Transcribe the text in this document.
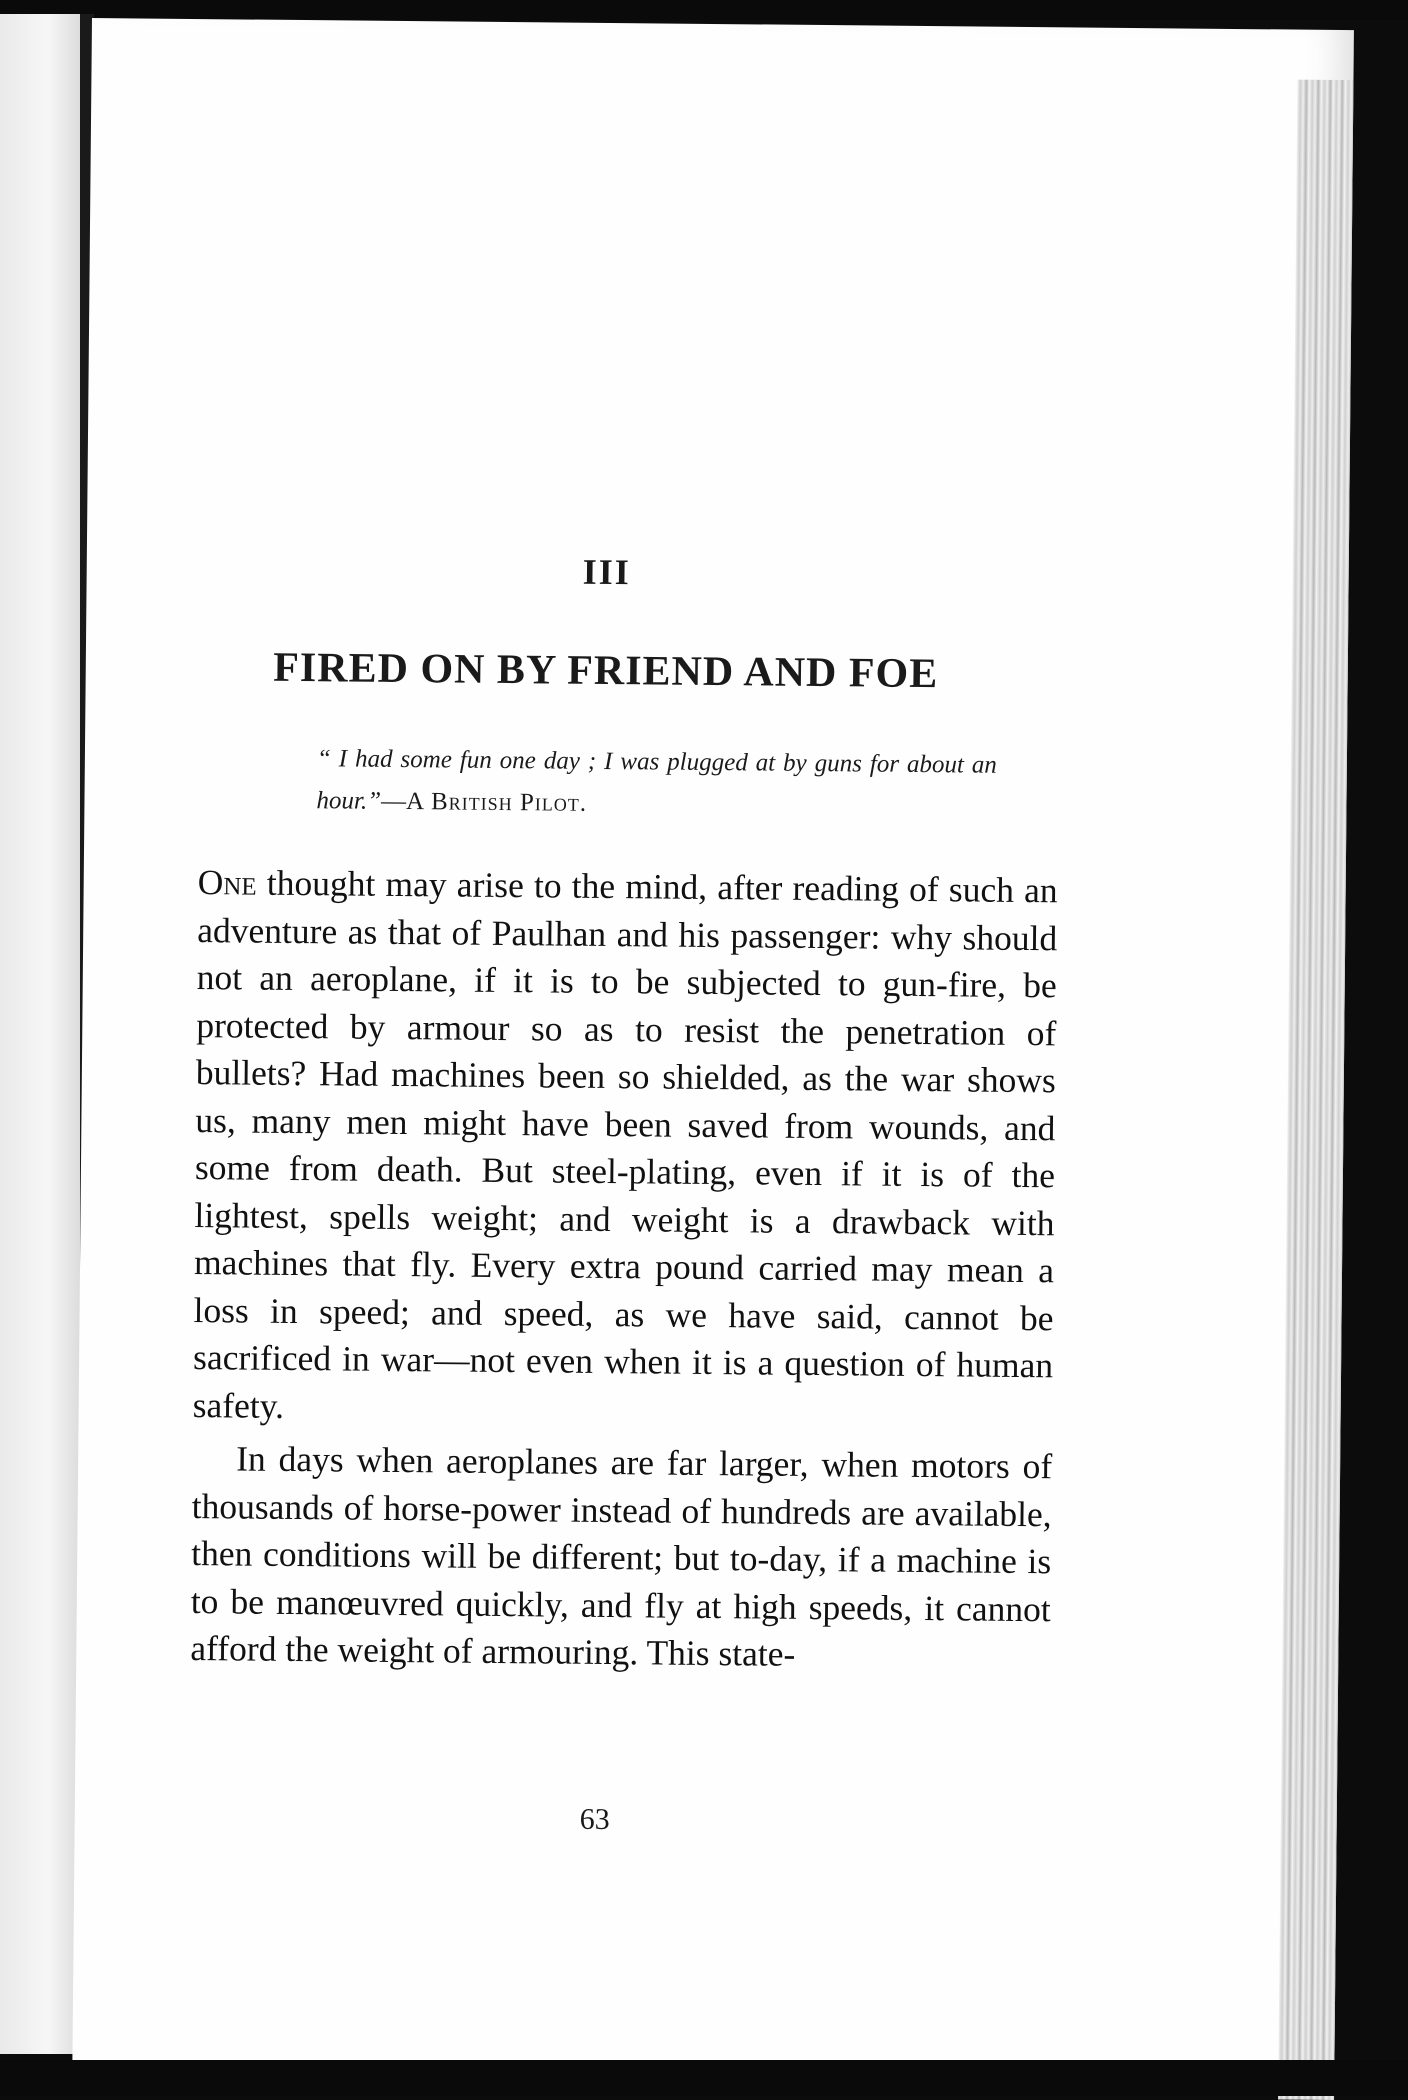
III
FIRED ON BY FRIEND AND FOE
“ I had some fun one day ; I was plugged at by guns for about an hour.”—A British Pilot.

One thought may arise to the mind, after reading of such an adventure as that of Paulhan and his passenger: why should not an aeroplane, if it is to be subjected to gun-fire, be protected by armour so as to resist the penetration of bullets? Had machines been so shielded, as the war shows us, many men might have been saved from wounds, and some from death. But steel-plating, even if it is of the lightest, spells weight; and weight is a drawback with machines that fly. Every extra pound carried may mean a loss in speed; and speed, as we have said, cannot be sacrificed in war—not even when it is a question of human safety.

In days when aeroplanes are far larger, when motors of thousands of horse-power instead of hundreds are available, then conditions will be different; but to-day, if a machine is to be manœuvred quickly, and fly at high speeds, it cannot afford the weight of armouring. This state-

63
